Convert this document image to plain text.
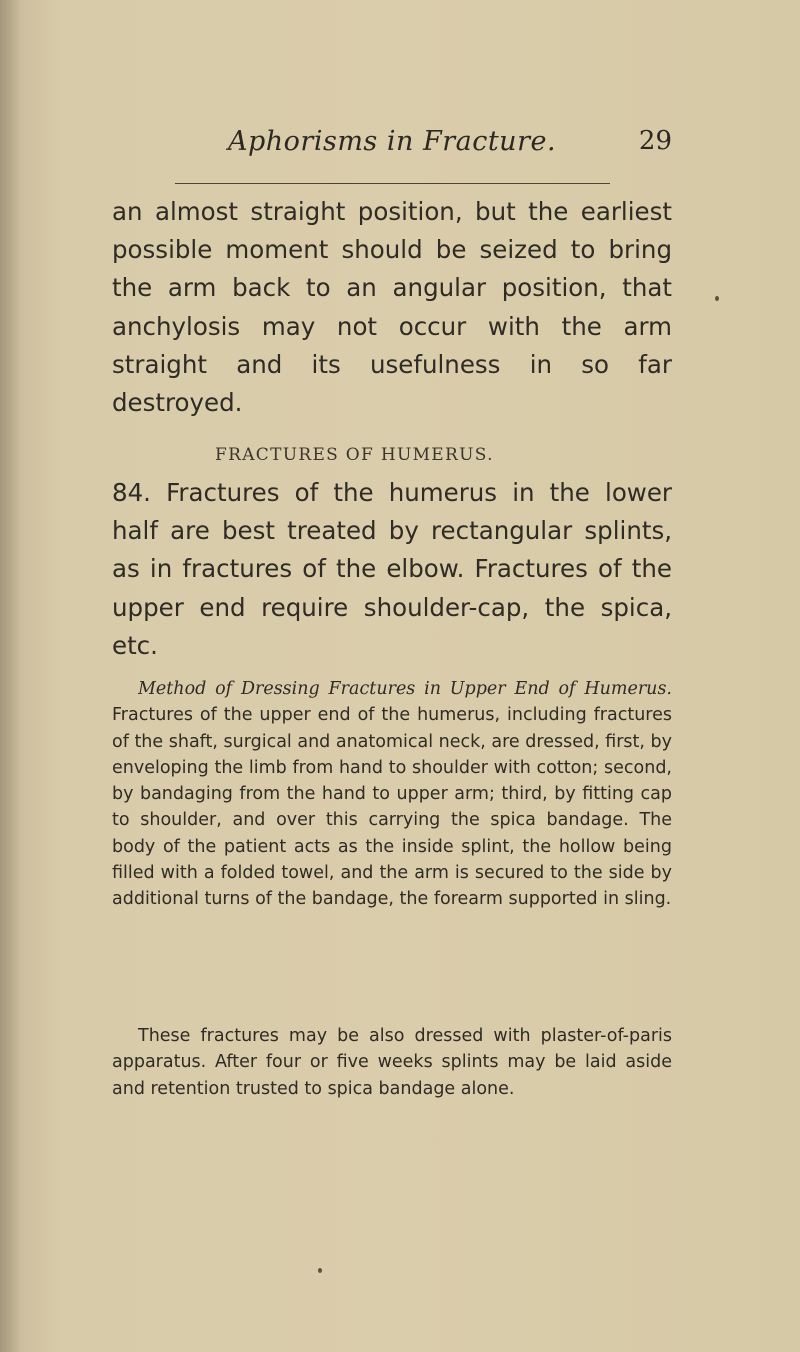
Aphorisms in Fracture.	29
an almost straight position, but the earliest possible moment should be seized to bring the arm back to an angular position, that anchylosis may not occur with the arm straight and its usefulness in so far destroyed.
FRACTURES OF HUMERUS.
84. Fractures of the humerus in the lower half are best treated by rectangular splints, as in fractures of the elbow. Fractures of the upper end require shoulder-cap, the spica, etc.
Method of Dressing Fractures in Upper End of Humerus. Fractures of the upper end of the humerus, including fractures of the shaft, surgical and anatomical neck, are dressed, first, by enveloping the limb from hand to shoulder with cotton; second, by bandaging from the hand to upper arm; third, by fitting cap to shoulder, and over this carrying the spica bandage. The body of the patient acts as the inside splint, the hollow being filled with a folded towel, and the arm is secured to the side by additional turns of the bandage, the forearm supported in sling.
These fractures may be also dressed with plaster-of-paris apparatus. After four or five weeks splints may be laid aside and retention trusted to spica bandage alone.
